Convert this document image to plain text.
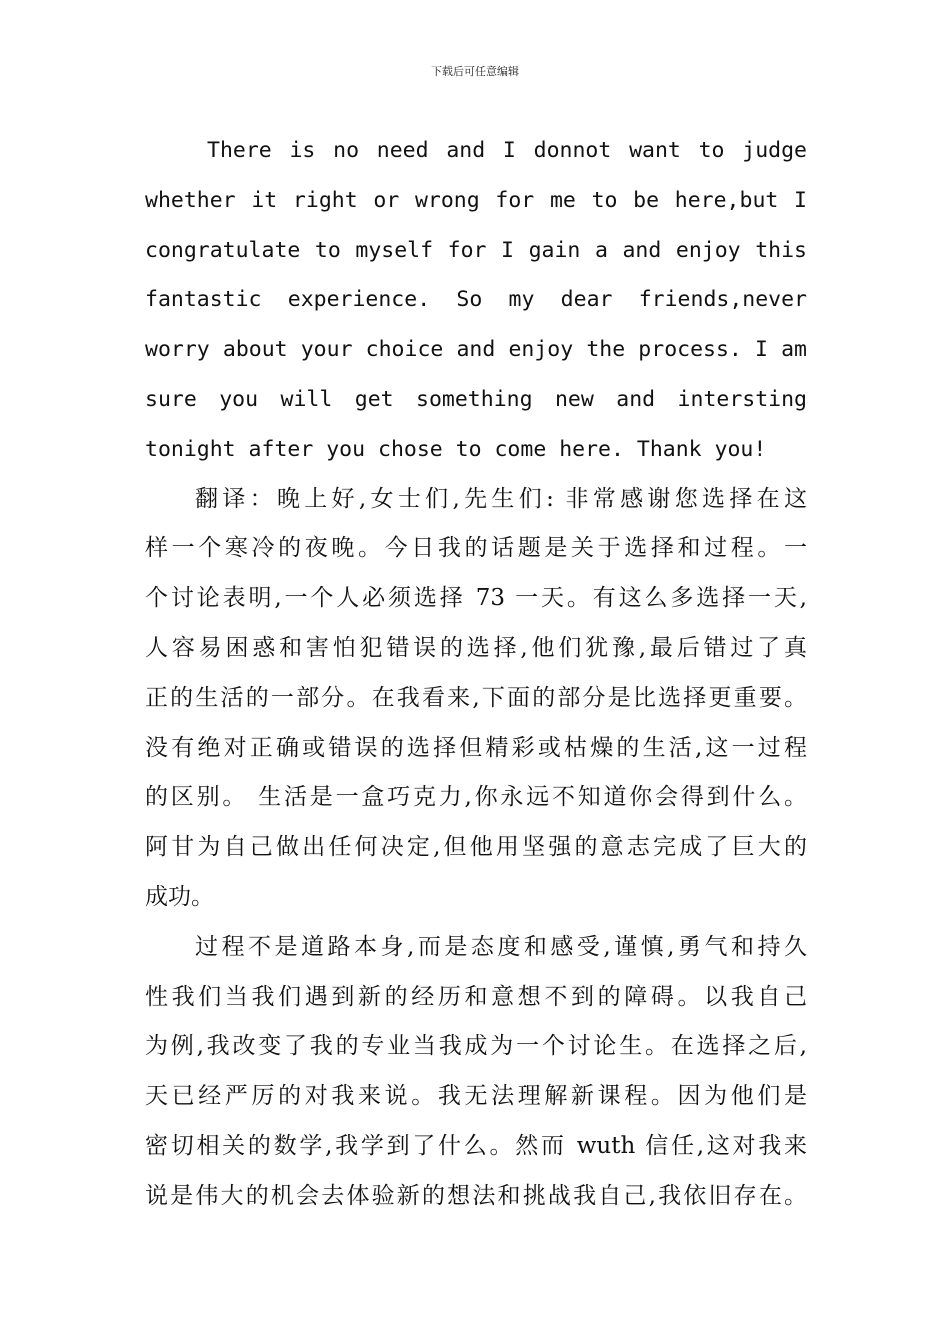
下载后可任意编辑
There is no need and I donnot want to judge
whether it right or wrong for me to be here,but I
congratulate to myself for I gain a and enjoy this
fantastic experience. So my dear friends,never
worry about your choice and enjoy the process. I am
sure you will get something new and intersting
tonight after you chose to come here. Thank you!
翻译：晚上好,女士们,先生们: 非常感谢您选择在这
样一个寒冷的夜晚。今日我的话题是关于选择和过程。一
个讨论表明,一个人必须选择 73 一天。有这么多选择一天,
人容易困惑和害怕犯错误的选择,他们犹豫,最后错过了真
正的生活的一部分。在我看来,下面的部分是比选择更重要。
没有绝对正确或错误的选择但精彩或枯燥的生活,这一过程
的区别。 生活是一盒巧克力,你永远不知道你会得到什么。
阿甘为自己做出任何决定,但他用坚强的意志完成了巨大的
成功。
过程不是道路本身,而是态度和感受,谨慎,勇气和持久
性我们当我们遇到新的经历和意想不到的障碍。以我自己
为例,我改变了我的专业当我成为一个讨论生。在选择之后,
天已经严厉的对我来说。我无法理解新课程。因为他们是
密切相关的数学,我学到了什么。然而 wuth 信任,这对我来
说是伟大的机会去体验新的想法和挑战我自己,我依旧存在。
